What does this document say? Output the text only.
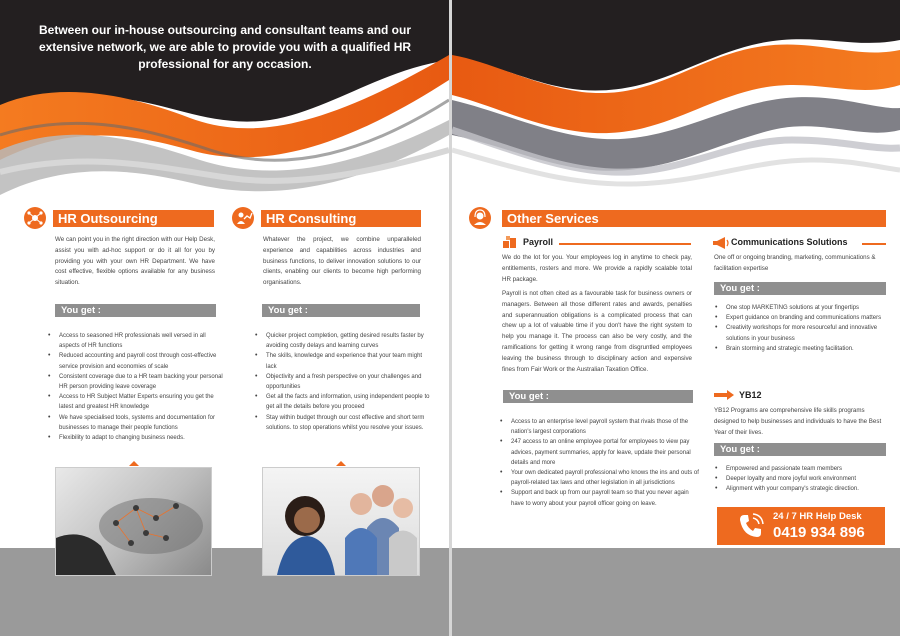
Between our in-house outsourcing and consultant teams and our extensive network, we are able to provide you with a qualified HR professional for any occasion.
HR Outsourcing
We can point you in the right direction with our Help Desk, assist you with ad-hoc support or do it all for you by providing you with your own HR Department. We have cost effective, flexible options available for any business situation.
You get :
• Access to seasoned HR professionals well versed in all aspects of HR functions
• Reduced accounting and payroll cost through cost-effective service provision and economies of scale
• Consistent coverage due to a HR team backing your personal HR person providing leave coverage
• Access to HR Subject Matter Experts ensuring you get the latest and greatest HR knowledge
• We have specialised tools, systems and documentation for businesses to manage their people functions
• Flexibility to adapt to changing business needs.
HR Consulting
Whatever the project, we combine unparalleled experience and capabilities across industries and business functions, to deliver innovation solutions to our clients, enabling our clients to become high performing organisations.
You get :
• Quicker project completion, getting desired results faster by avoiding costly delays and learning curves
• The skills, knowledge and experience that your team might lack
• Objectivity and a fresh perspective on your challenges and opportunities
• Get all the facts and information, using independent people to get all the details before you proceed
• Stay within budget through our cost effective and short term solutions. to stop operations whilst you resolve your issues.
Other Services
Payroll
We do the lot for you. Your employees log in anytime to check pay, entitlements, rosters and more. We provide a rapidly scalable total HR package.
Payroll is not often cited as a favourable task for business owners or managers. Between all those different rates and awards, penalties and superannuation obligations is a complicated process that can chew up a lot of valuable time if you don't have the right system to help you manage it. The process can also be very costly, and the ramifications for getting it wrong range from disgruntled employees leaving the business through to disciplinary action and expensive fines from Fair Work or the Australian Taxation Office.
You get :
• Access to an enterprise level payroll system that rivals those of the nation's largest corporations
• 247 access to an online employee portal for employees to view pay advices, payment summaries, apply for leave, update their personal details and more
• Your own dedicated payroll professional who knows the ins and outs of payroll-related tax laws and other legislation in all jurisdictions
• Support and back up from our payroll team so that you never again have to worry about your payroll officer going on leave.
Communications Solutions
One off or ongoing branding, marketing, communications & facilitation expertise
You get :
• One stop MARKETING solutions at your fingertips
• Expert guidance on branding and communications matters
• Creativity workshops for more resourceful and innovative solutions in your business
• Brain storming and strategic meeting facilitation.
YB12
YB12 Programs are comprehensive life skills programs designed to help businesses and individuals to have the Best Year of their lives.
You get :
• Empowered and passionate team members
• Deeper loyalty and more joyful work environment
• Alignment with your company's strategic direction.
24 / 7 HR Help Desk
0419 934 896
